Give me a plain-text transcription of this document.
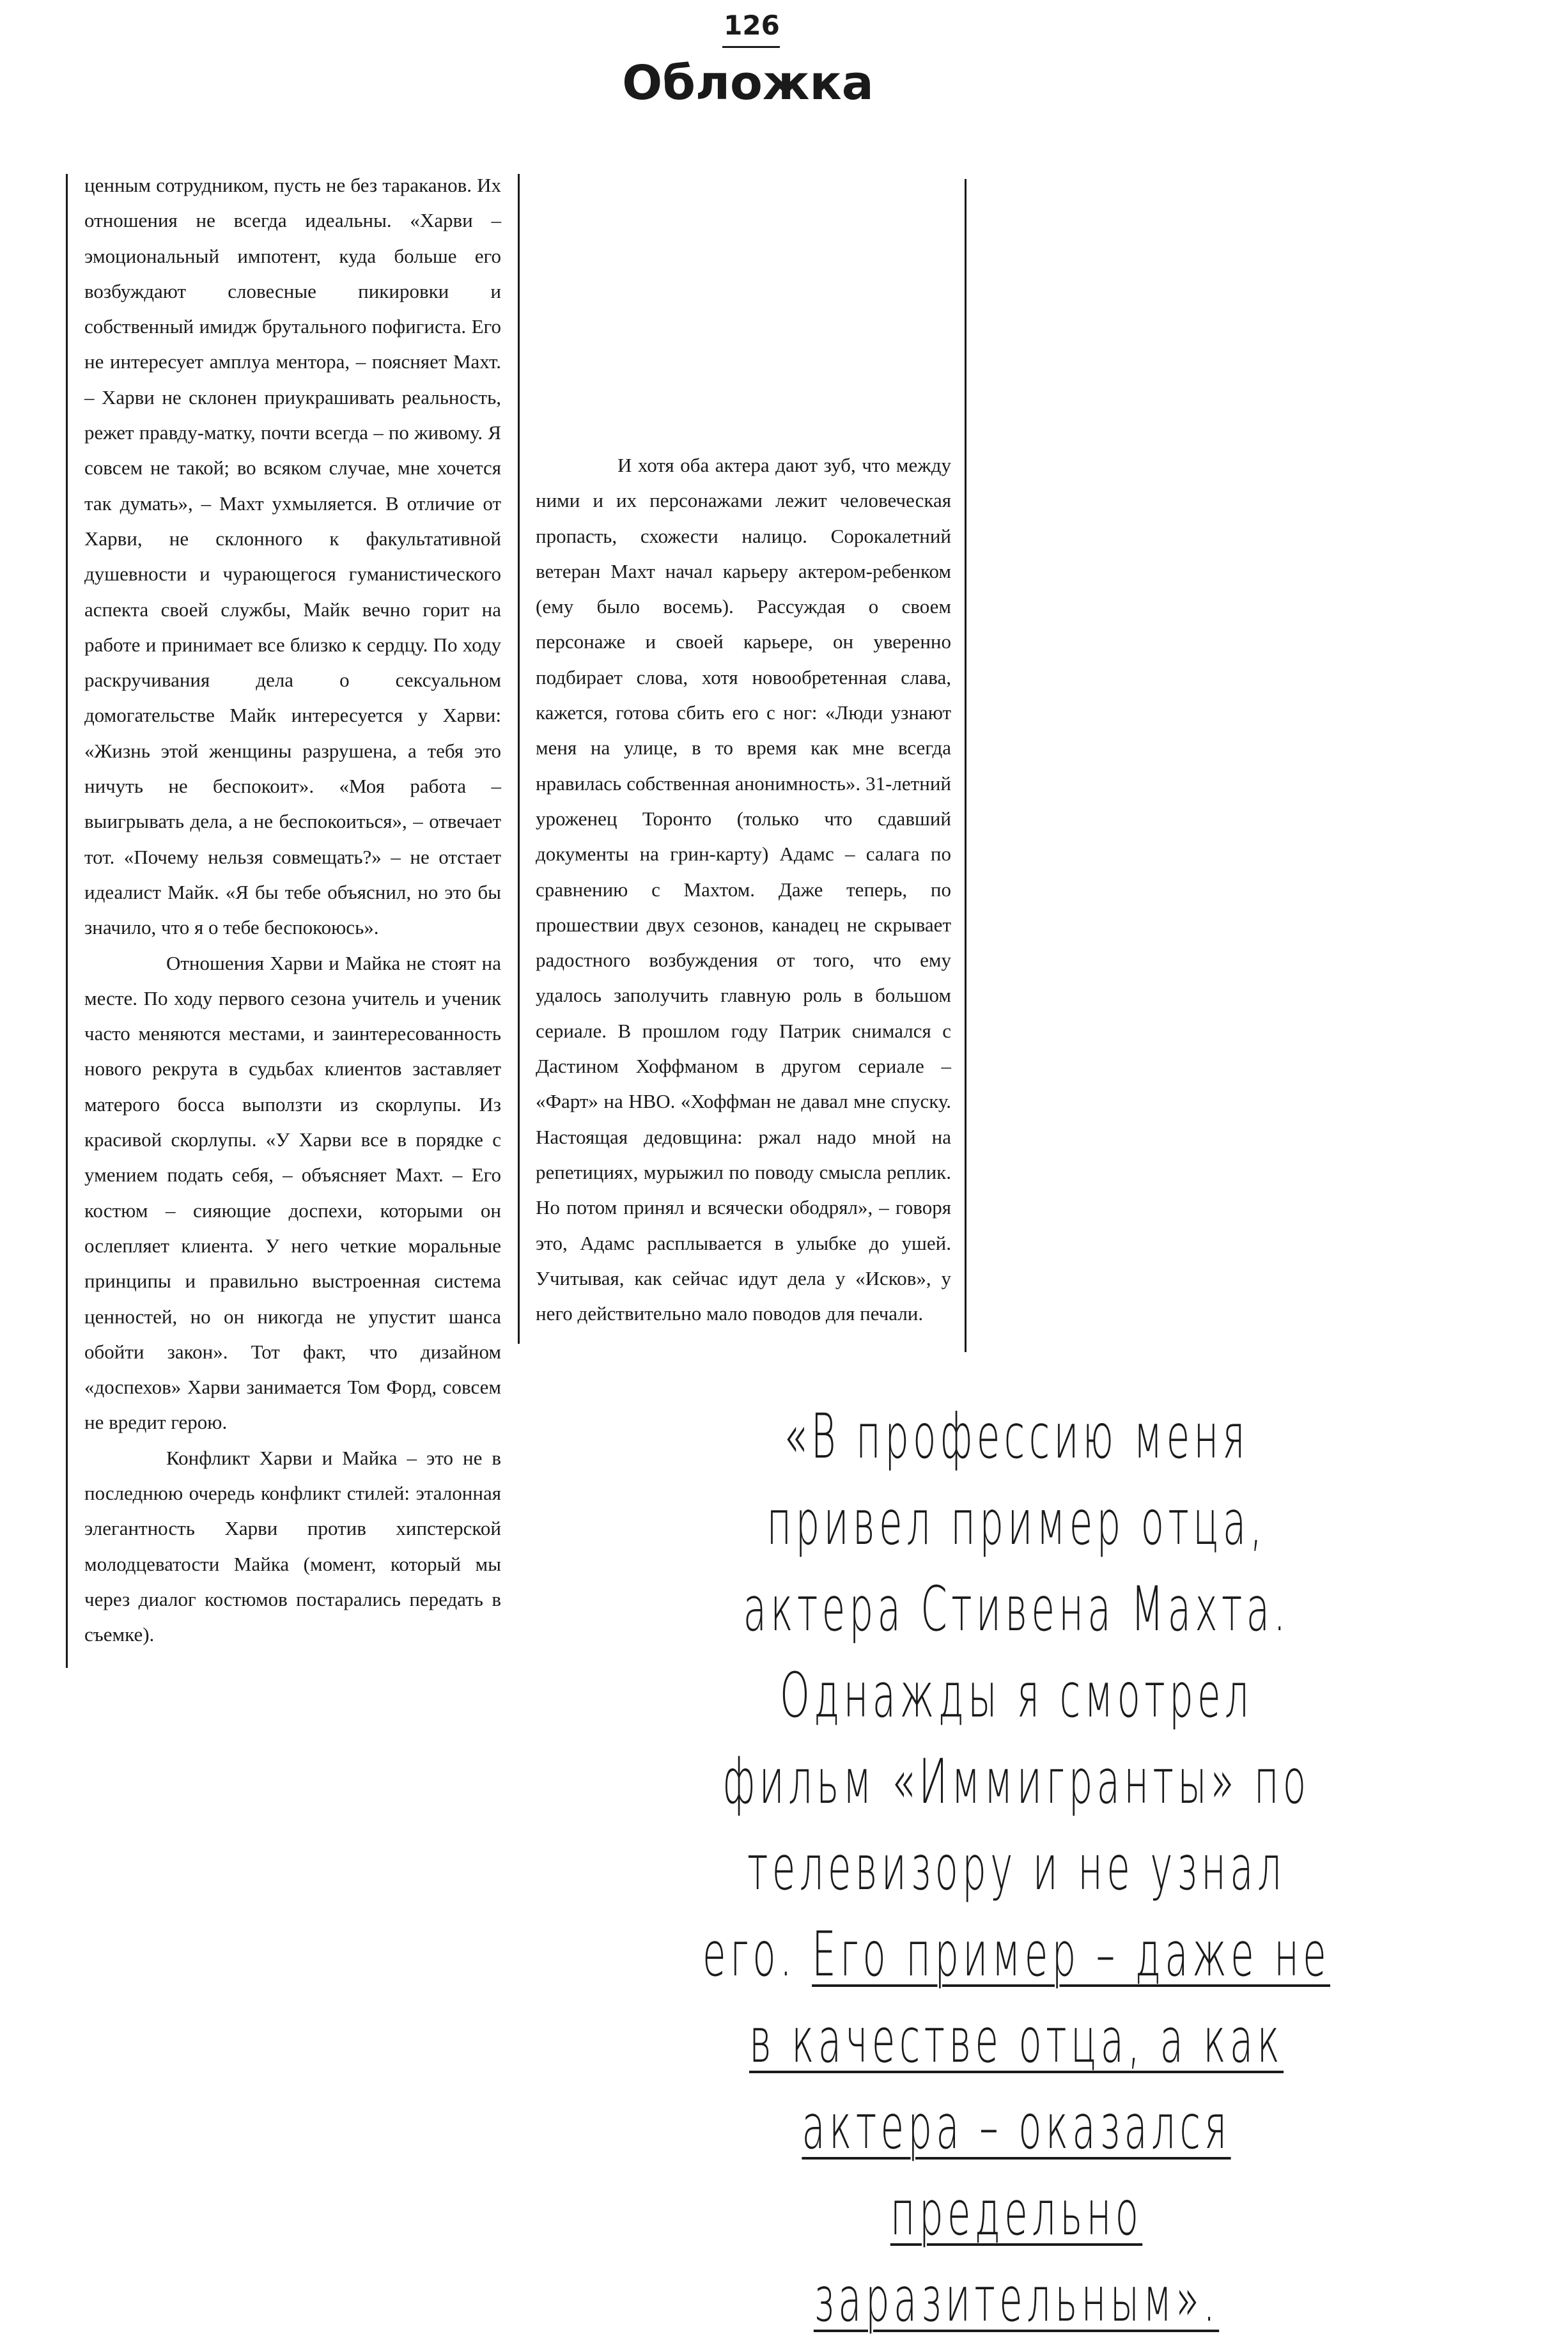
126
Обложка

ценным сотрудником, пусть не без тараканов. Их отношения не всегда идеальны. «Харви – эмоциональный импотент, куда больше его возбуждают словесные пикировки и собственный имидж брутального пофигиста. Его не интересует амплуа ментора, – поясняет Махт. – Харви не склонен приукрашивать реальность, режет правду-матку, почти всегда – по живому. Я совсем не такой; во всяком случае, мне хочется так думать», – Махт ухмыляется. В отличие от Харви, не склонного к факультативной душевности и чурающегося гуманистического аспекта своей службы, Майк вечно горит на работе и принимает все близко к сердцу. По ходу раскручивания дела о сексуальном домогательстве Майк интересуется у Харви: «Жизнь этой женщины разрушена, а тебя это ничуть не беспокоит». «Моя работа – выигрывать дела, а не беспокоиться», – отвечает тот. «Почему нельзя совмещать?» – не отстает идеалист Майк. «Я бы тебе объяснил, но это бы значило, что я о тебе беспокоюсь».

Отношения Харви и Майка не стоят на месте. По ходу первого сезона учитель и ученик часто меняются местами, и заинтересованность нового рекрута в судьбах клиентов заставляет матерого босса выползти из скорлупы. Из красивой скорлупы. «У Харви все в порядке с умением подать себя, – объясняет Махт. – Его костюм – сияющие доспехи, которыми он ослепляет клиента. У него четкие моральные принципы и правильно выстроенная система ценностей, но он никогда не упустит шанса обойти закон». Тот факт, что дизайном «доспехов» Харви занимается Том Форд, совсем не вредит герою.

Конфликт Харви и Майка – это не в последнюю очередь конфликт стилей: эталонная элегантность Харви против хипстерской молодцеватости Майка (момент, который мы через диалог костюмов постарались передать в съемке).

И хотя оба актера дают зуб, что между ними и их персонажами лежит человеческая пропасть, схожести налицо. Сорокалетний ветеран Махт начал карьеру актером-ребенком (ему было восемь). Рассуждая о своем персонаже и своей карьере, он уверенно подбирает слова, хотя новообретенная слава, кажется, готова сбить его с ног: «Люди узнают меня на улице, в то время как мне всегда нравилась собственная анонимность». 31-летний уроженец Торонто (только что сдавший документы на грин-карту) Адамс – салага по сравнению с Махтом. Даже теперь, по прошествии двух сезонов, канадец не скрывает радостного возбуждения от того, что ему удалось заполучить главную роль в большом сериале. В прошлом году Патрик снимался с Дастином Хоффманом в другом сериале – «Фарт» на HBO. «Хоффман не давал мне спуску. Настоящая дедовщина: ржал надо мной на репетициях, мурыжил по поводу смысла реплик. Но потом принял и всячески ободрял», – говоря это, Адамс расплывается в улыбке до ушей. Учитывая, как сейчас идут дела у «Исков», у него действительно мало поводов для печали.

«В профессию меня привел пример отца, актера Стивена Махта. Однажды я смотрел фильм «Иммигранты» по телевизору и не узнал его. Его пример – даже не в качестве отца, а как актера – оказался предельно заразительным».
